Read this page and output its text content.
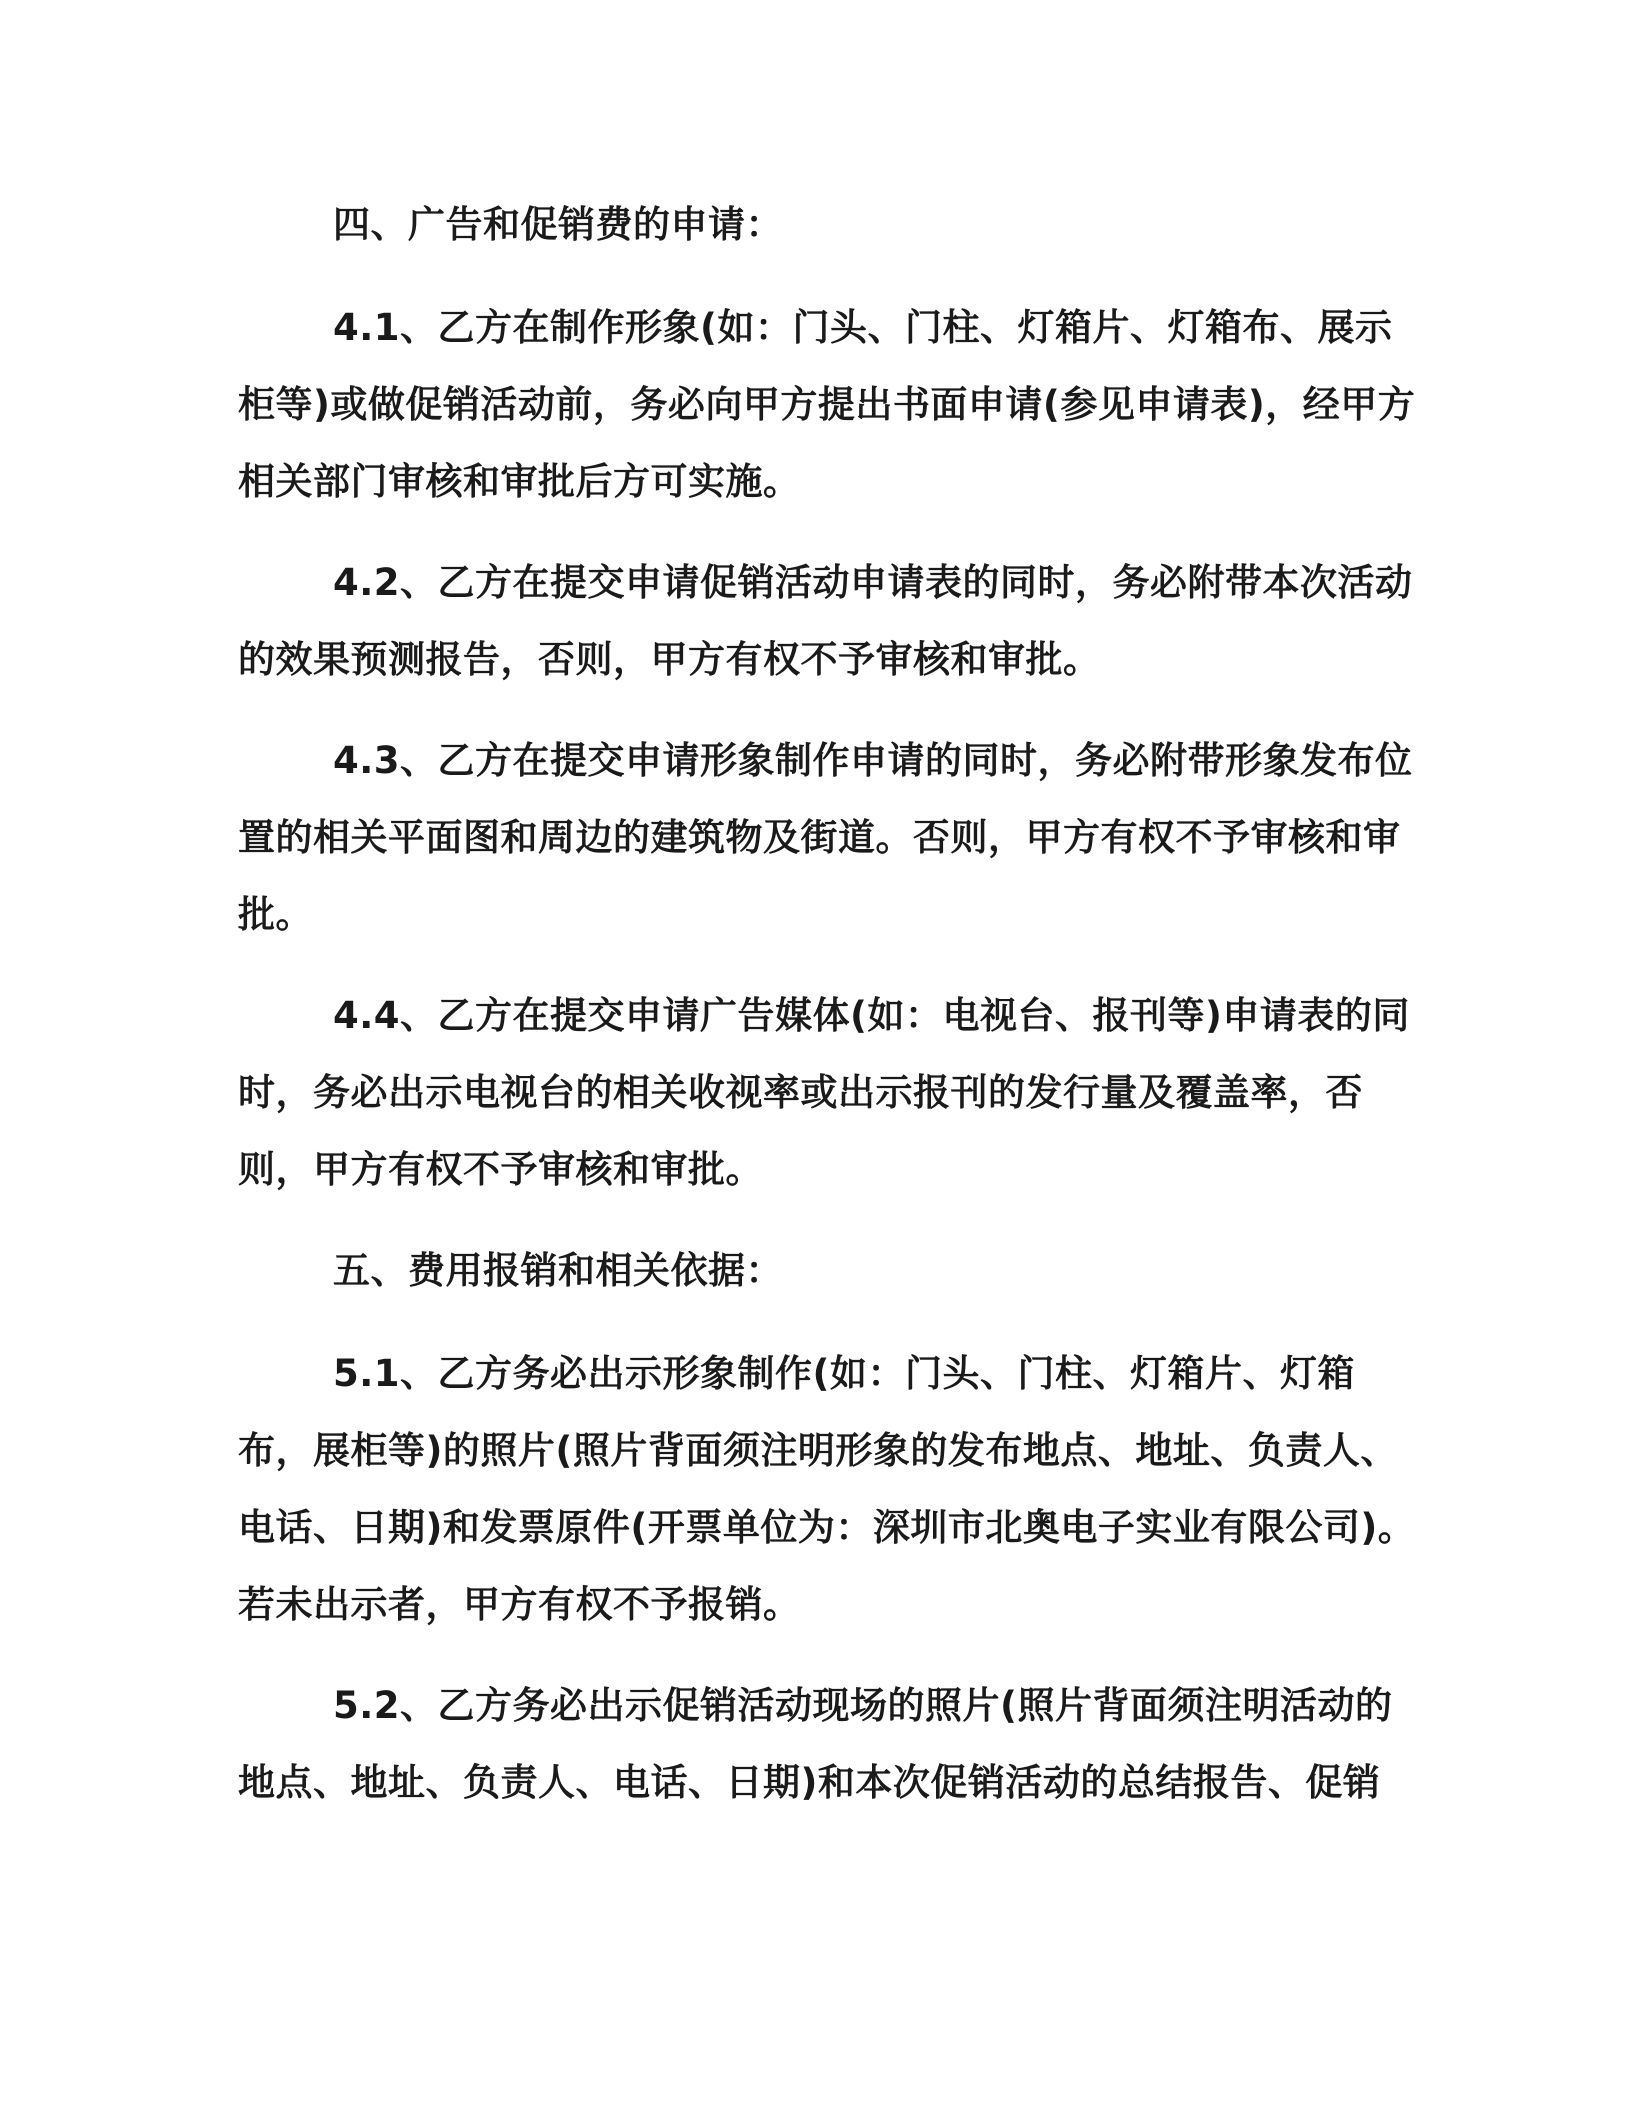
四、广告和促销费的申请：

4.1、乙方在制作形象(如：门头、门柱、灯箱片、灯箱布、展示柜等)或做促销活动前，务必向甲方提出书面申请(参见申请表)，经甲方相关部门审核和审批后方可实施。

4.2、乙方在提交申请促销活动申请表的同时，务必附带本次活动的效果预测报告，否则，甲方有权不予审核和审批。

4.3、乙方在提交申请形象制作申请的同时，务必附带形象发布位置的相关平面图和周边的建筑物及街道。否则，甲方有权不予审核和审批。

4.4、乙方在提交申请广告媒体(如：电视台、报刊等)申请表的同时，务必出示电视台的相关收视率或出示报刊的发行量及覆盖率，否则，甲方有权不予审核和审批。

五、费用报销和相关依据：

5.1、乙方务必出示形象制作(如：门头、门柱、灯箱片、灯箱布，展柜等)的照片(照片背面须注明形象的发布地点、地址、负责人、电话、日期)和发票原件(开票单位为：深圳市北奥电子实业有限公司)。若未出示者，甲方有权不予报销。

5.2、乙方务必出示促销活动现场的照片(照片背面须注明活动的地点、地址、负责人、电话、日期)和本次促销活动的总结报告、促销
